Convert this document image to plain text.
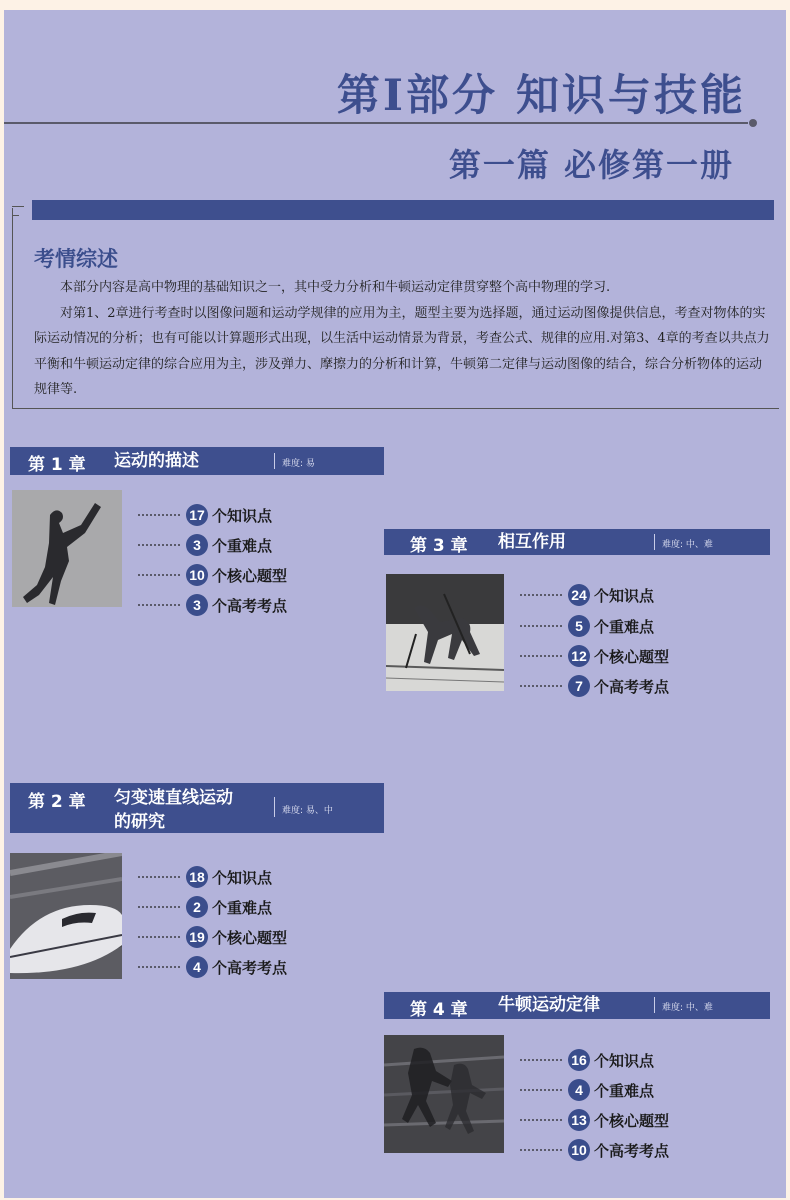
第Ⅰ部分 知识与技能
第一篇 必修第一册
考情综述

本部分内容是高中物理的基础知识之一，其中受力分析和牛顿运动定律贯穿整个高中物理的学习.

对第1、2章进行考查时以图像问题和运动学规律的应用为主，题型主要为选择题，通过运动图像提供信息，考查对物体的实际运动情况的分析；也有可能以计算题形式出现，以生活中运动情景为背景，考查公式、规律的应用.对第3、4章的考查以共点力平衡和牛顿运动定律的综合应用为主，涉及弹力、摩擦力的分析和计算，牛顿第二定律与运动图像的结合，综合分析物体的运动规律等.

第 1 章 运动的描述	难度: 易
17 个知识点
3 个重难点
10 个核心题型
3 个高考考点
第 3 章 相互作用	难度: 中、难
24 个知识点
5 个重难点
12 个核心题型
7 个高考考点
第 2 章 匀变速直线运动
的研究
难度: 易、中
18 个知识点
2 个重难点
19 个核心题型
4 个高考考点
第 4 章 牛顿运动定律	难度: 中、难
16 个知识点
4 个重难点
13 个核心题型
10 个高考考点
